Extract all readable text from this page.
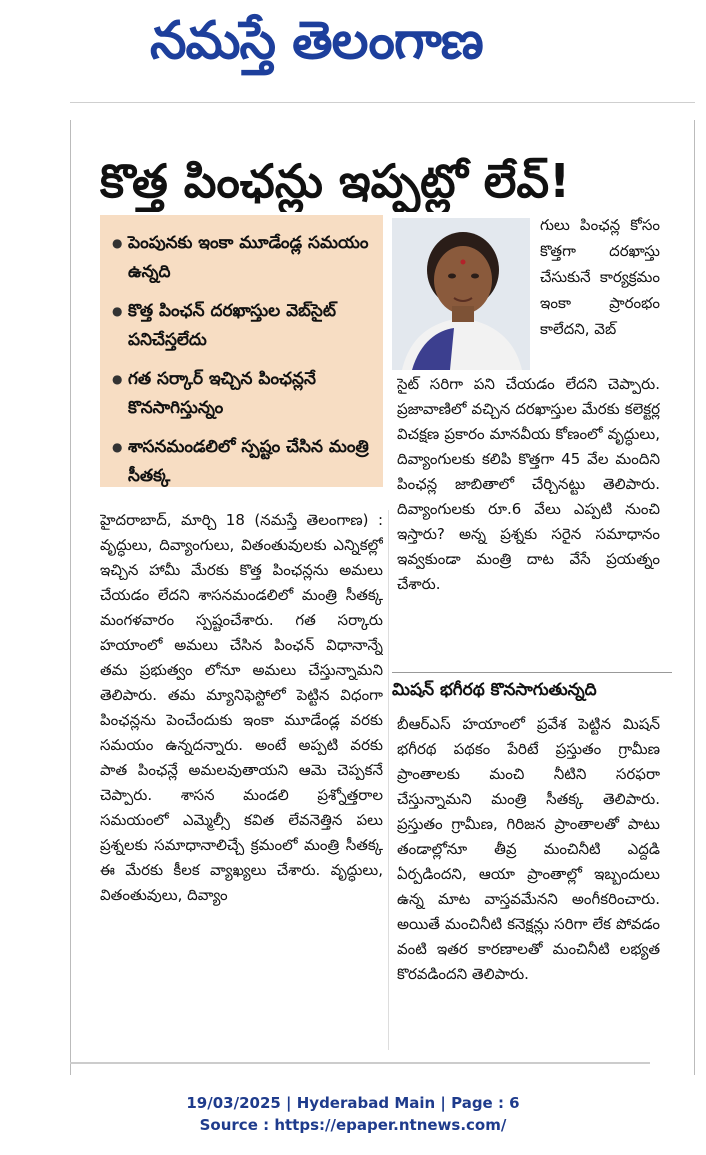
నమస్తే తెలంగాణ
కొత్త పింఛన్లు ఇప్పట్లో లేవ్‌!
● పెంపునకు ఇంకా మూడేండ్ల సమయం ఉన్నది
● కొత్త పింఛన్‌ దరఖాస్తుల వెబ్‌సైట్‌ పనిచేస్తలేదు
● గత సర్కార్‌ ఇచ్చిన పింఛన్లనే కొనసాగిస్తున్నం
● శాసనమండలిలో స్పష్టం చేసిన మంత్రి సీతక్క
గులు పింఛన్ల కోసం కొత్తగా దరఖాస్తు చేసుకునే కార్యక్రమం ఇంకా ప్రారంభం కాలేదని, వెబ్‌
హైదరాబాద్‌, మార్చి 18 (నమస్తే తెలంగాణ) : వృద్ధులు, దివ్యాంగులు, వితంతువులకు ఎన్నికల్లో ఇచ్చిన హామీ మేరకు కొత్త పింఛన్లను అమలు చేయడం లేదని శాసనమండలిలో మంత్రి సీతక్క మంగళవారం స్పష్టంచేశారు. గత సర్కారు హయాంలో అమలు చేసిన పింఛన్‌ విధానాన్నే తమ ప్రభుత్వం లోనూ అమలు చేస్తున్నామని తెలిపారు. తమ మ్యానిఫెస్టోలో పెట్టిన విధంగా పింఛన్లను పెంచేందుకు ఇంకా మూడేండ్ల వరకు సమయం ఉన్నదన్నారు. అంటే అప్పటి వరకు పాత పింఛన్లే అమలవుతాయని ఆమె చెప్పకనే చెప్పారు. శాసన మండలి ప్రశ్నోత్తరాల సమయంలో ఎమ్మెల్సీ కవిత లేవనెత్తిన పలు ప్రశ్నలకు సమాధానాలిచ్చే క్రమంలో మంత్రి సీతక్క ఈ మేరకు కీలక వ్యాఖ్యలు చేశారు. వృద్ధులు, వితంతువులు, దివ్యాం
సైట్‌ సరిగా పని చేయడం లేదని చెప్పారు. ప్రజావాణిలో వచ్చిన దరఖాస్తుల మేరకు కలెక్టర్ల విచక్షణ ప్రకారం మానవీయ కోణంలో వృద్ధులు, దివ్యాంగులకు కలిపి కొత్తగా 45 వేల మందిని పింఛన్ల జాబితాలో చేర్చినట్టు తెలిపారు. దివ్యాంగులకు రూ.6 వేలు ఎప్పటి నుంచి ఇస్తారు? అన్న ప్రశ్నకు సరైన సమాధానం ఇవ్వకుండా మంత్రి దాట వేసే ప్రయత్నం చేశారు.
మిషన్‌ భగీరథ కొనసాగుతున్నది
బీఆర్‌ఎస్‌ హయాంలో ప్రవేశ పెట్టిన మిషన్‌ భగీరథ పథకం పేరిటే ప్రస్తుతం గ్రామీణ ప్రాంతాలకు మంచి నీటిని సరఫరా చేస్తున్నామని మంత్రి సీతక్క తెలిపారు. ప్రస్తుతం గ్రామీణ, గిరిజన ప్రాంతాలతో పాటు తండాల్లోనూ తీవ్ర మంచినీటి ఎద్దడి ఏర్పడిందని, ఆయా ప్రాంతాల్లో ఇబ్బందులు ఉన్న మాట వాస్తవమేనని అంగీకరించారు. అయితే మంచినీటి కనెక్షన్లు సరిగా లేక పోవడం వంటి ఇతర కారణాలతో మంచినీటి లభ్యత కొరవడిందని తెలిపారు.
19/03/2025 | Hyderabad Main | Page : 6
Source : https://epaper.ntnews.com/
